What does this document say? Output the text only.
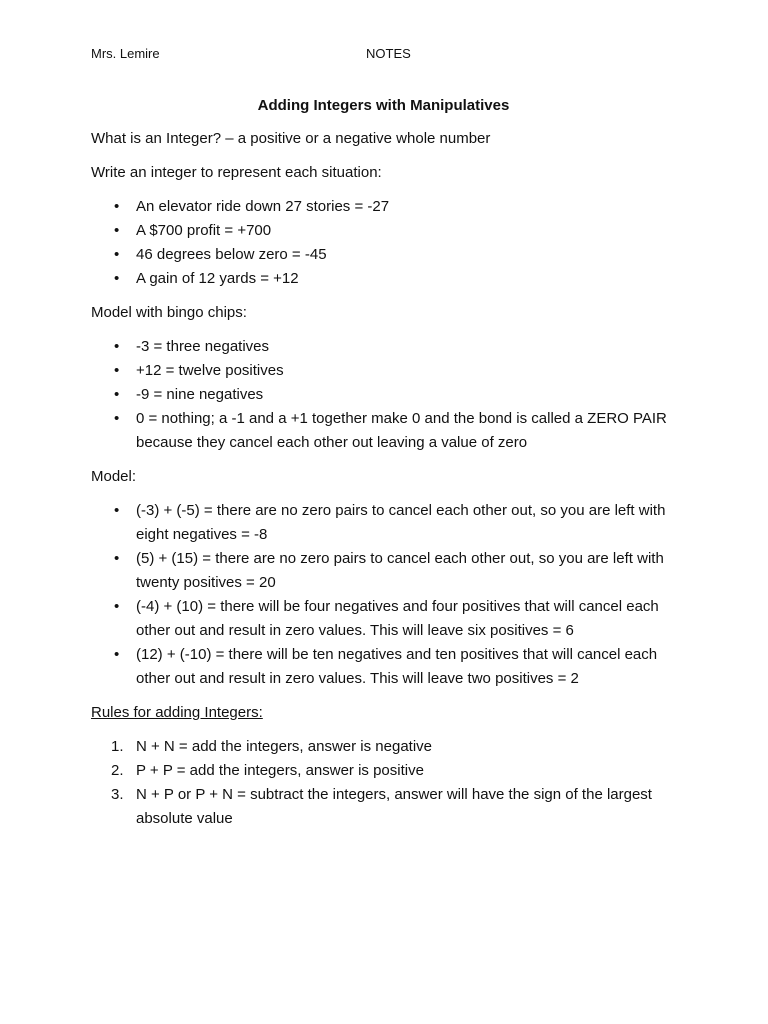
Mrs. Lemire	NOTES
Adding Integers with Manipulatives
What is an Integer? – a positive or a negative whole number
Write an integer to represent each situation:
•	An elevator ride down 27 stories = -27
•	A $700 profit = +700
•	46 degrees below zero = -45
•	A gain of 12 yards = +12
Model with bingo chips:
•	-3 = three negatives
•	+12 = twelve positives
•	-9 = nine negatives
•	0 = nothing; a -1 and a +1 together make 0 and the bond is called a ZERO PAIR because they cancel each other out leaving a value of zero
Model:
•	(-3) + (-5) = there are no zero pairs to cancel each other out, so you are left with eight negatives = -8
•	(5) + (15) = there are no zero pairs to cancel each other out, so you are left with twenty positives = 20
•	(-4) + (10) = there will be four negatives and four positives that will cancel each other out and result in zero values. This will leave six positives = 6
•	(12) + (-10) = there will be ten negatives and ten positives that will cancel each other out and result in zero values. This will leave two positives = 2
Rules for adding Integers:
1. N + N = add the integers, answer is negative
2. P + P = add the integers, answer is positive
3. N + P or P + N = subtract the integers, answer will have the sign of the largest absolute value
